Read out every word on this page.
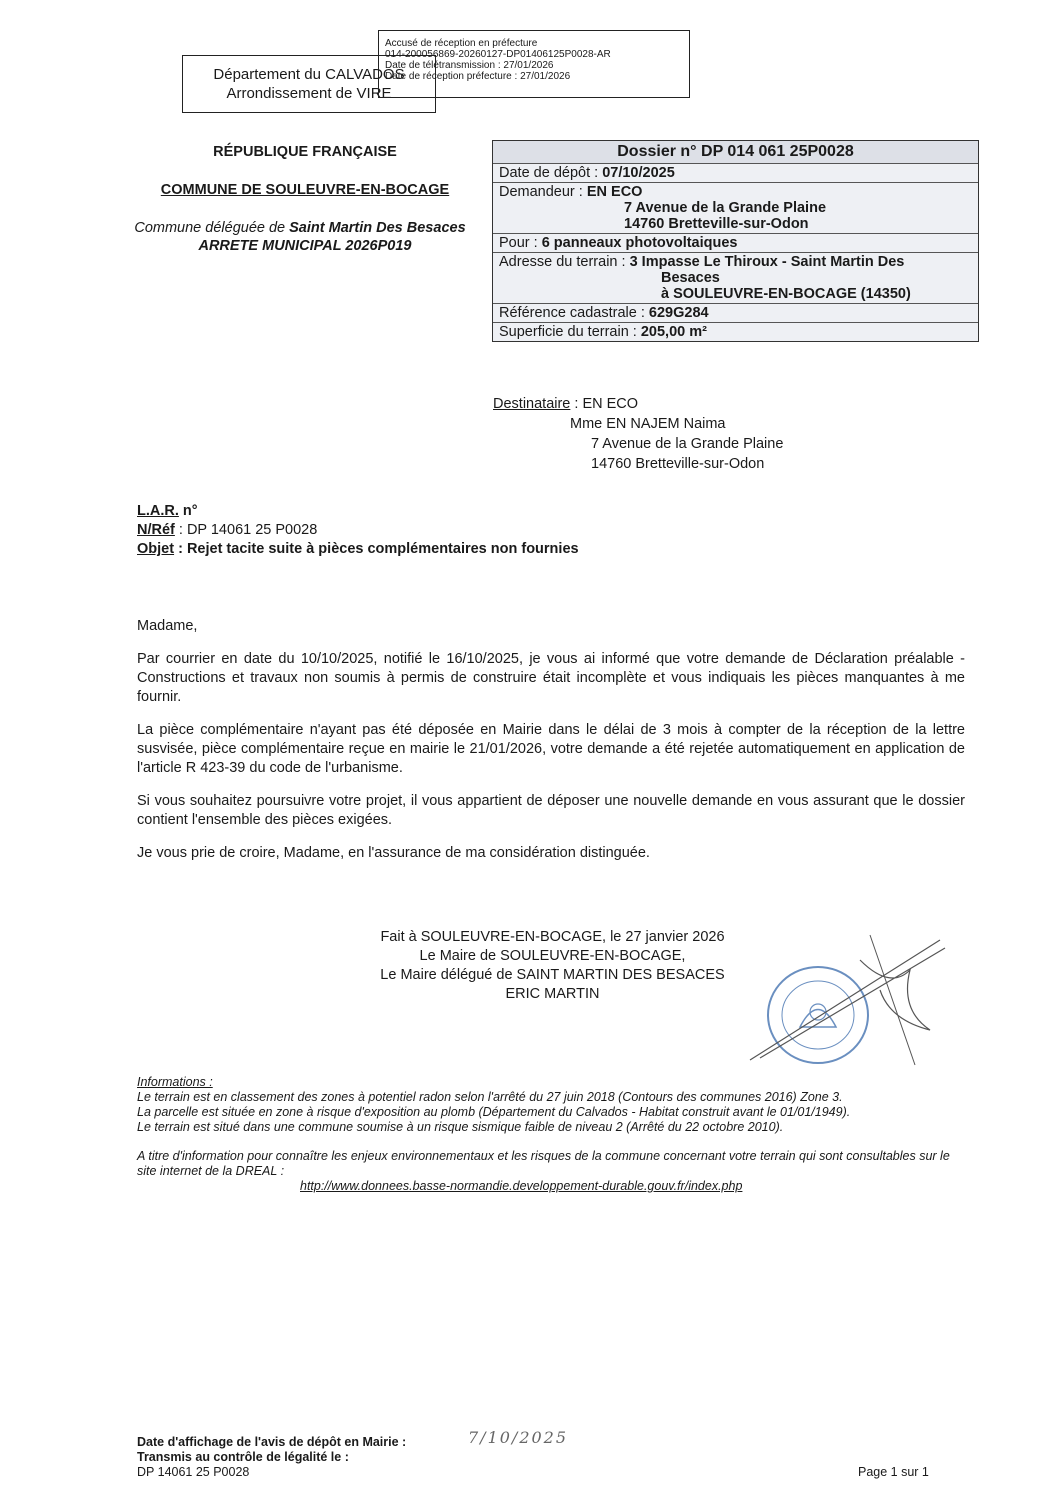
Département du CALVADOS
Arrondissement de VIRE
Accusé de réception en préfecture
014-200056869-20260127-DP01406125P0028-AR
Date de télétransmission : 27/01/2026
Date de réception préfecture : 27/01/2026
RÉPUBLIQUE FRANÇAISE
COMMUNE DE SOULEUVRE-EN-BOCAGE
Commune déléguée de Saint Martin Des Besaces
ARRETE MUNICIPAL 2026P019
Dossier n° DP 014 061 25P0028
Date de dépôt : 07/10/2025
Demandeur : EN ECO
7 Avenue de la Grande Plaine
14760 Bretteville-sur-Odon
Pour : 6 panneaux photovoltaiques
Adresse du terrain : 3 Impasse Le Thiroux - Saint Martin Des
Besaces
à SOULEUVRE-EN-BOCAGE (14350)
Référence cadastrale : 629G284
Superficie du terrain : 205,00 m²
Destinataire : EN ECO
Mme EN NAJEM Naima
7 Avenue de la Grande Plaine
14760 Bretteville-sur-Odon
L.A.R. n°
N/Réf : DP 14061 25 P0028
Objet : Rejet tacite suite à pièces complémentaires non fournies
Madame,
Par courrier en date du 10/10/2025, notifié le 16/10/2025, je vous ai informé que votre demande de Déclaration préalable - Constructions et travaux non soumis à permis de construire était incomplète et vous indiquais les pièces manquantes à me fournir.
La pièce complémentaire n'ayant pas été déposée en Mairie dans le délai de 3 mois à compter de la réception de la lettre susvisée, pièce complémentaire reçue en mairie le 21/01/2026, votre demande a été rejetée automatiquement en application de l'article R 423-39 du code de l'urbanisme.
Si vous souhaitez poursuivre votre projet, il vous appartient de déposer une nouvelle demande en vous assurant que le dossier contient l'ensemble des pièces exigées.
Je vous prie de croire, Madame, en l'assurance de ma considération distinguée.
Fait à SOULEUVRE-EN-BOCAGE, le 27 janvier 2026
Le Maire de SOULEUVRE-EN-BOCAGE,
Le Maire délégué de SAINT MARTIN DES BESACES
ERIC MARTIN
Informations :
Le terrain est en classement des zones à potentiel radon selon l'arrêté du 27 juin 2018 (Contours des communes 2016) Zone 3.
La parcelle est située en zone à risque d'exposition au plomb (Département du Calvados - Habitat construit avant le 01/01/1949).
Le terrain est situé dans une commune soumise à un risque sismique faible de niveau 2 (Arrêté du 22 octobre 2010).
A titre d'information pour connaître les enjeux environnementaux et les risques de la commune concernant votre terrain qui sont consultables sur le site internet de la DREAL :
http://www.donnees.basse-normandie.developpement-durable.gouv.fr/index.php
Date d'affichage de l'avis de dépôt en Mairie :
Transmis au contrôle de légalité le :
DP 14061 25 P0028
7/10/2025
Page 1 sur 1
